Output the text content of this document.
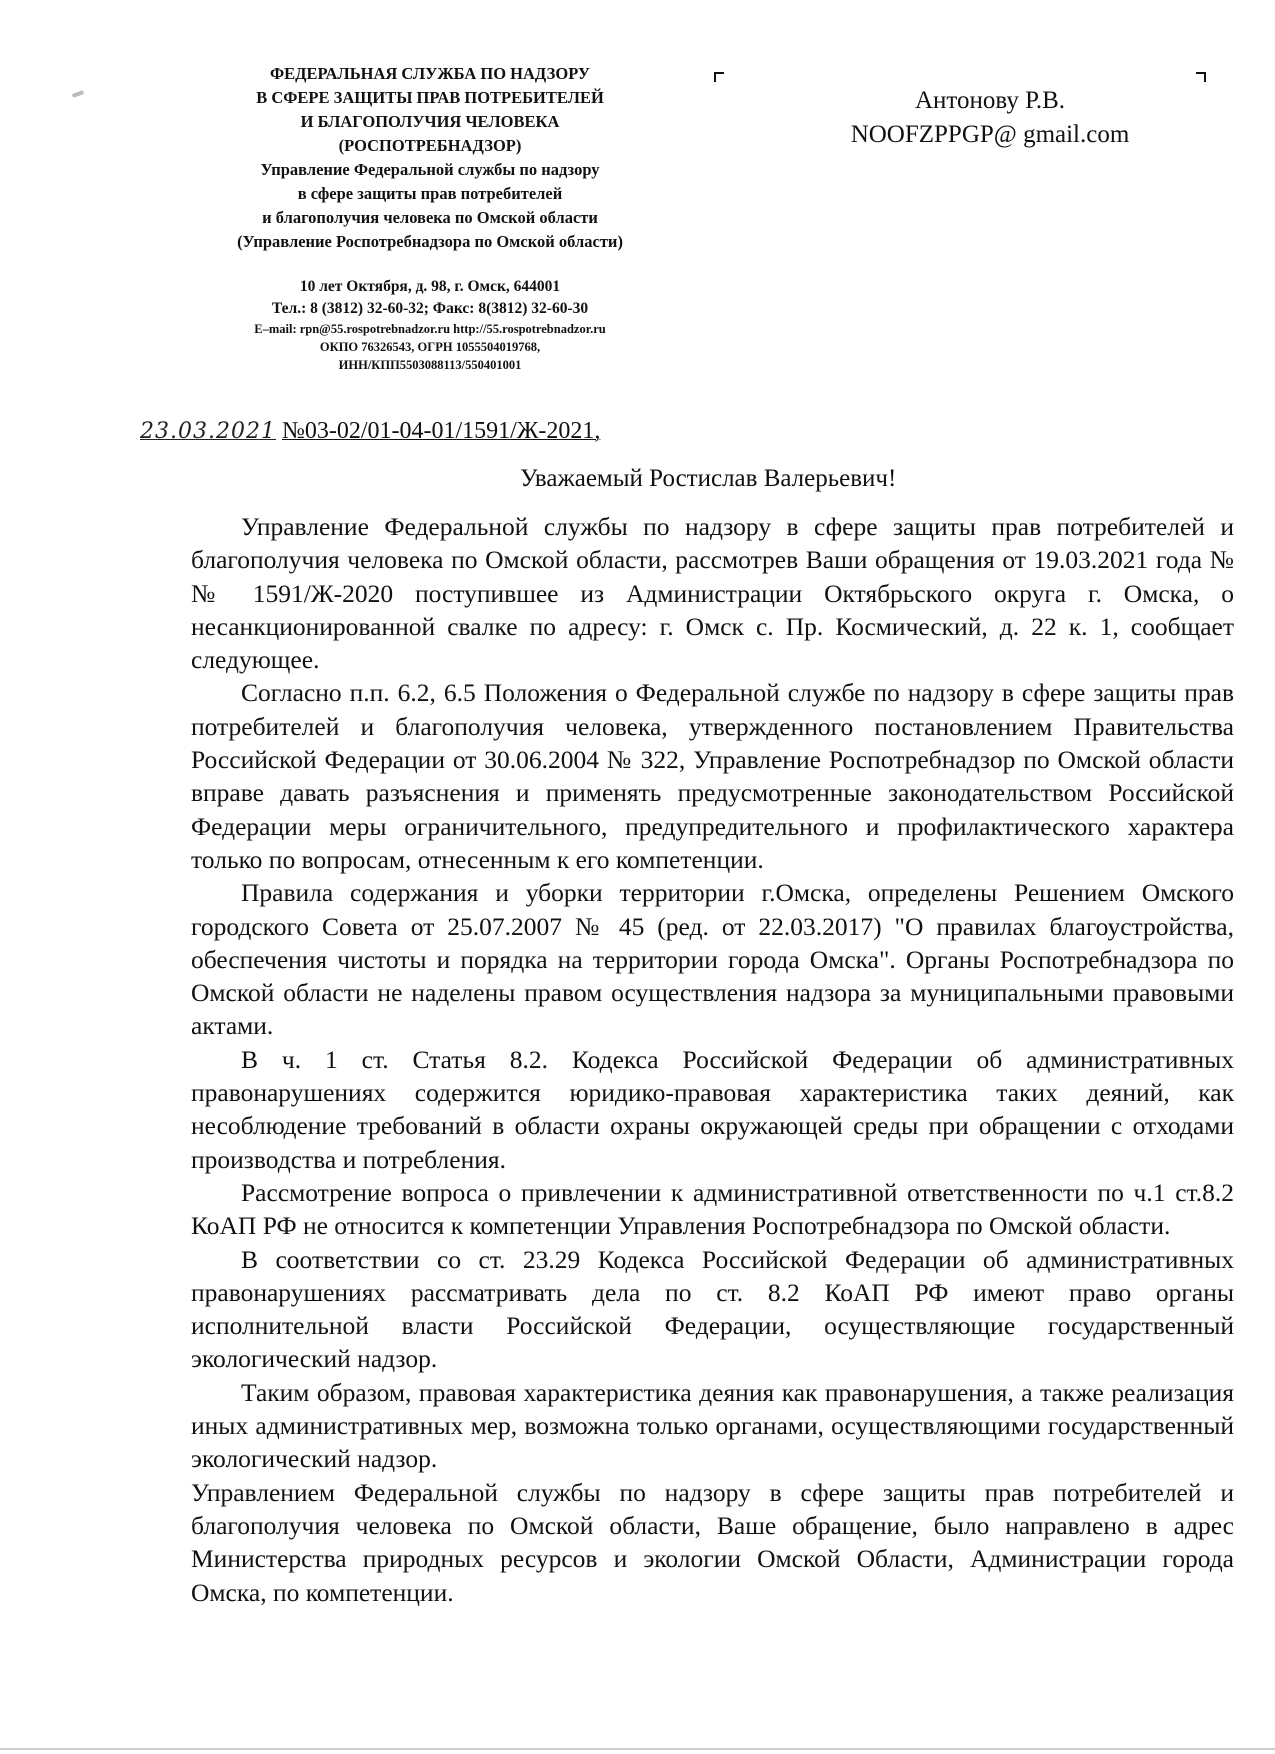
ФЕДЕРАЛЬНАЯ СЛУЖБА ПО НАДЗОРУ
В СФЕРЕ ЗАЩИТЫ ПРАВ ПОТРЕБИТЕЛЕЙ
И БЛАГОПОЛУЧИЯ ЧЕЛОВЕКА
(РОСПОТРЕБНАДЗОР)
Управление Федеральной службы по надзору
в сфере защиты прав потребителей
и благополучия человека по Омской области
(Управление Роспотребнадзора по Омской области)
10 лет Октября, д. 98, г. Омск, 644001
Тел.: 8 (3812) 32-60-32; Факс: 8(3812) 32-60-30
E–mail: rpn@55.rospotrebnadzor.ru http://55.rospotrebnadzor.ru
ОКПО 76326543, ОГРН 1055504019768,
ИНН/КПП5503088113/550401001
Антонову Р.В.
NOOFZPPGP@ gmail.com
23.03.2021 №03-02/01-04-01/1591/Ж-2021,
Уважаемый Ростислав Валерьевич!

Управление Федеральной службы по надзору в сфере защиты прав потребителей и благополучия человека по Омской области, рассмотрев Ваши обращения от 19.03.2021 года №№ 1591/Ж-2020 поступившее из Администрации Октябрьского округа г. Омска, о несанкционированной свалке по адресу: г. Омск с. Пр. Космический, д. 22 к. 1, сообщает следующее.

Согласно п.п. 6.2, 6.5 Положения о Федеральной службе по надзору в сфере защиты прав потребителей и благополучия человека, утвержденного постановлением Правительства Российской Федерации от 30.06.2004 № 322, Управление Роспотребнадзор по Омской области вправе давать разъяснения и применять предусмотренные законодательством Российской Федерации меры ограничительного, предупредительного и профилактического характера только по вопросам, отнесенным к его компетенции.

Правила содержания и уборки территории г.Омска, определены Решением Омского городского Совета от 25.07.2007 № 45 (ред. от 22.03.2017) "О правилах благоустройства, обеспечения чистоты и порядка на территории города Омска". Органы Роспотребнадзора по Омской области не наделены правом осуществления надзора за муниципальными правовыми актами.

В ч. 1 ст. Статья 8.2. Кодекса Российской Федерации об административных правонарушениях содержится юридико-правовая характеристика таких деяний, как несоблюдение требований в области охраны окружающей среды при обращении с отходами производства и потребления.

Рассмотрение вопроса о привлечении к административной ответственности по ч.1 ст.8.2 КоАП РФ не относится к компетенции Управления Роспотребнадзора по Омской области.

В соответствии со ст. 23.29 Кодекса Российской Федерации об административных правонарушениях рассматривать дела по ст. 8.2 КоАП РФ имеют право органы исполнительной власти Российской Федерации, осуществляющие государственный экологический надзор.

Таким образом, правовая характеристика деяния как правонарушения, а также реализация иных административных мер, возможна только органами, осуществляющими государственный экологический надзор.

Управлением Федеральной службы по надзору в сфере защиты прав потребителей и благополучия человека по Омской области, Ваше обращение, было направлено в адрес Министерства природных ресурсов и экологии Омской Области, Администрации города Омска, по компетенции.
